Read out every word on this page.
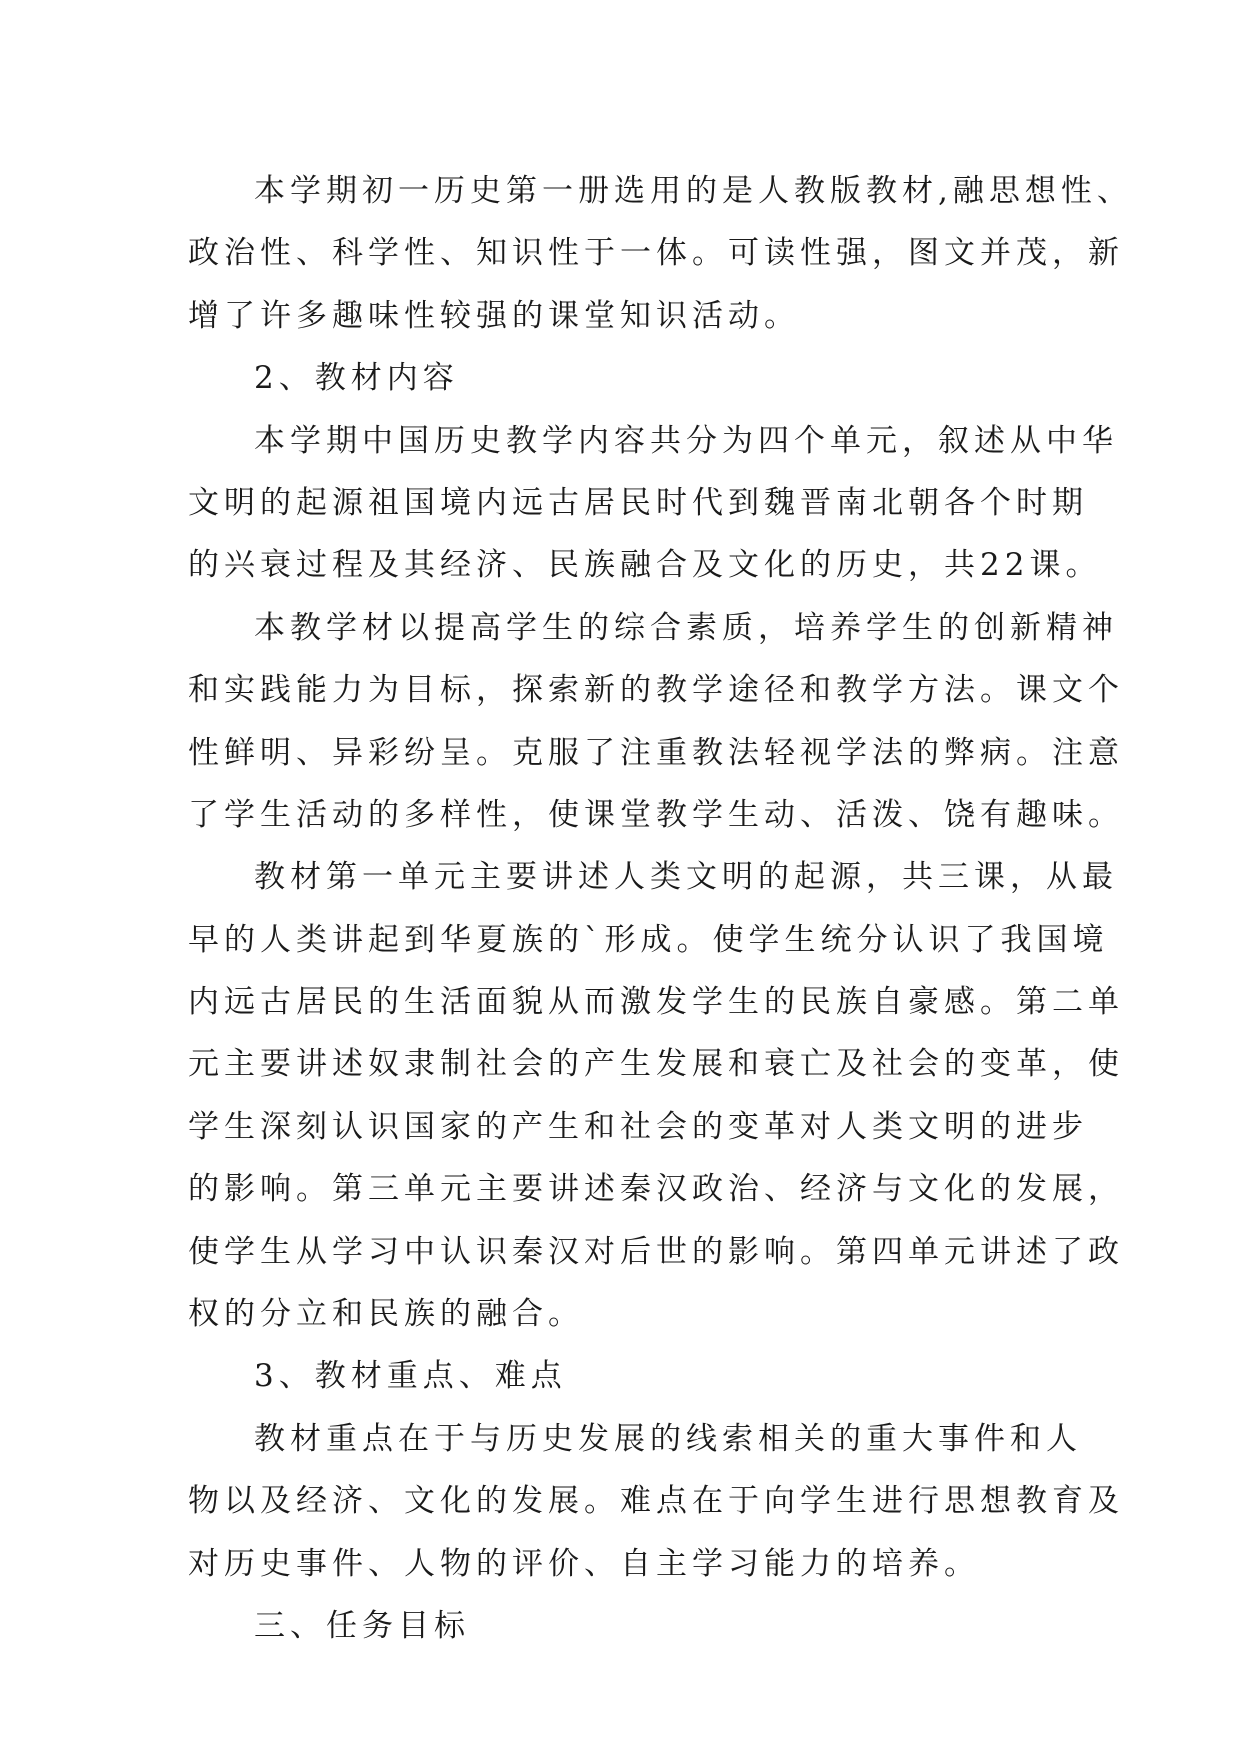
本学期初一历史第一册选用的是人教版教材,融思想性、
政治性、科学性、知识性于一体。可读性强，图文并茂，新
增了许多趣味性较强的课堂知识活动。
2、教材内容
本学期中国历史教学内容共分为四个单元，叙述从中华
文明的起源祖国境内远古居民时代到魏晋南北朝各个时期
的兴衰过程及其经济、民族融合及文化的历史，共22课。
本教学材以提高学生的综合素质，培养学生的创新精神
和实践能力为目标，探索新的教学途径和教学方法。课文个
性鲜明、异彩纷呈。克服了注重教法轻视学法的弊病。注意
了学生活动的多样性，使课堂教学生动、活泼、饶有趣味。
教材第一单元主要讲述人类文明的起源，共三课，从最
早的人类讲起到华夏族的`形成。使学生统分认识了我国境
内远古居民的生活面貌从而激发学生的民族自豪感。第二单
元主要讲述奴隶制社会的产生发展和衰亡及社会的变革，使
学生深刻认识国家的产生和社会的变革对人类文明的进步
的影响。第三单元主要讲述秦汉政治、经济与文化的发展，
使学生从学习中认识秦汉对后世的影响。第四单元讲述了政
权的分立和民族的融合。
3、教材重点、难点
教材重点在于与历史发展的线索相关的重大事件和人
物以及经济、文化的发展。难点在于向学生进行思想教育及
对历史事件、人物的评价、自主学习能力的培养。
三、任务目标
